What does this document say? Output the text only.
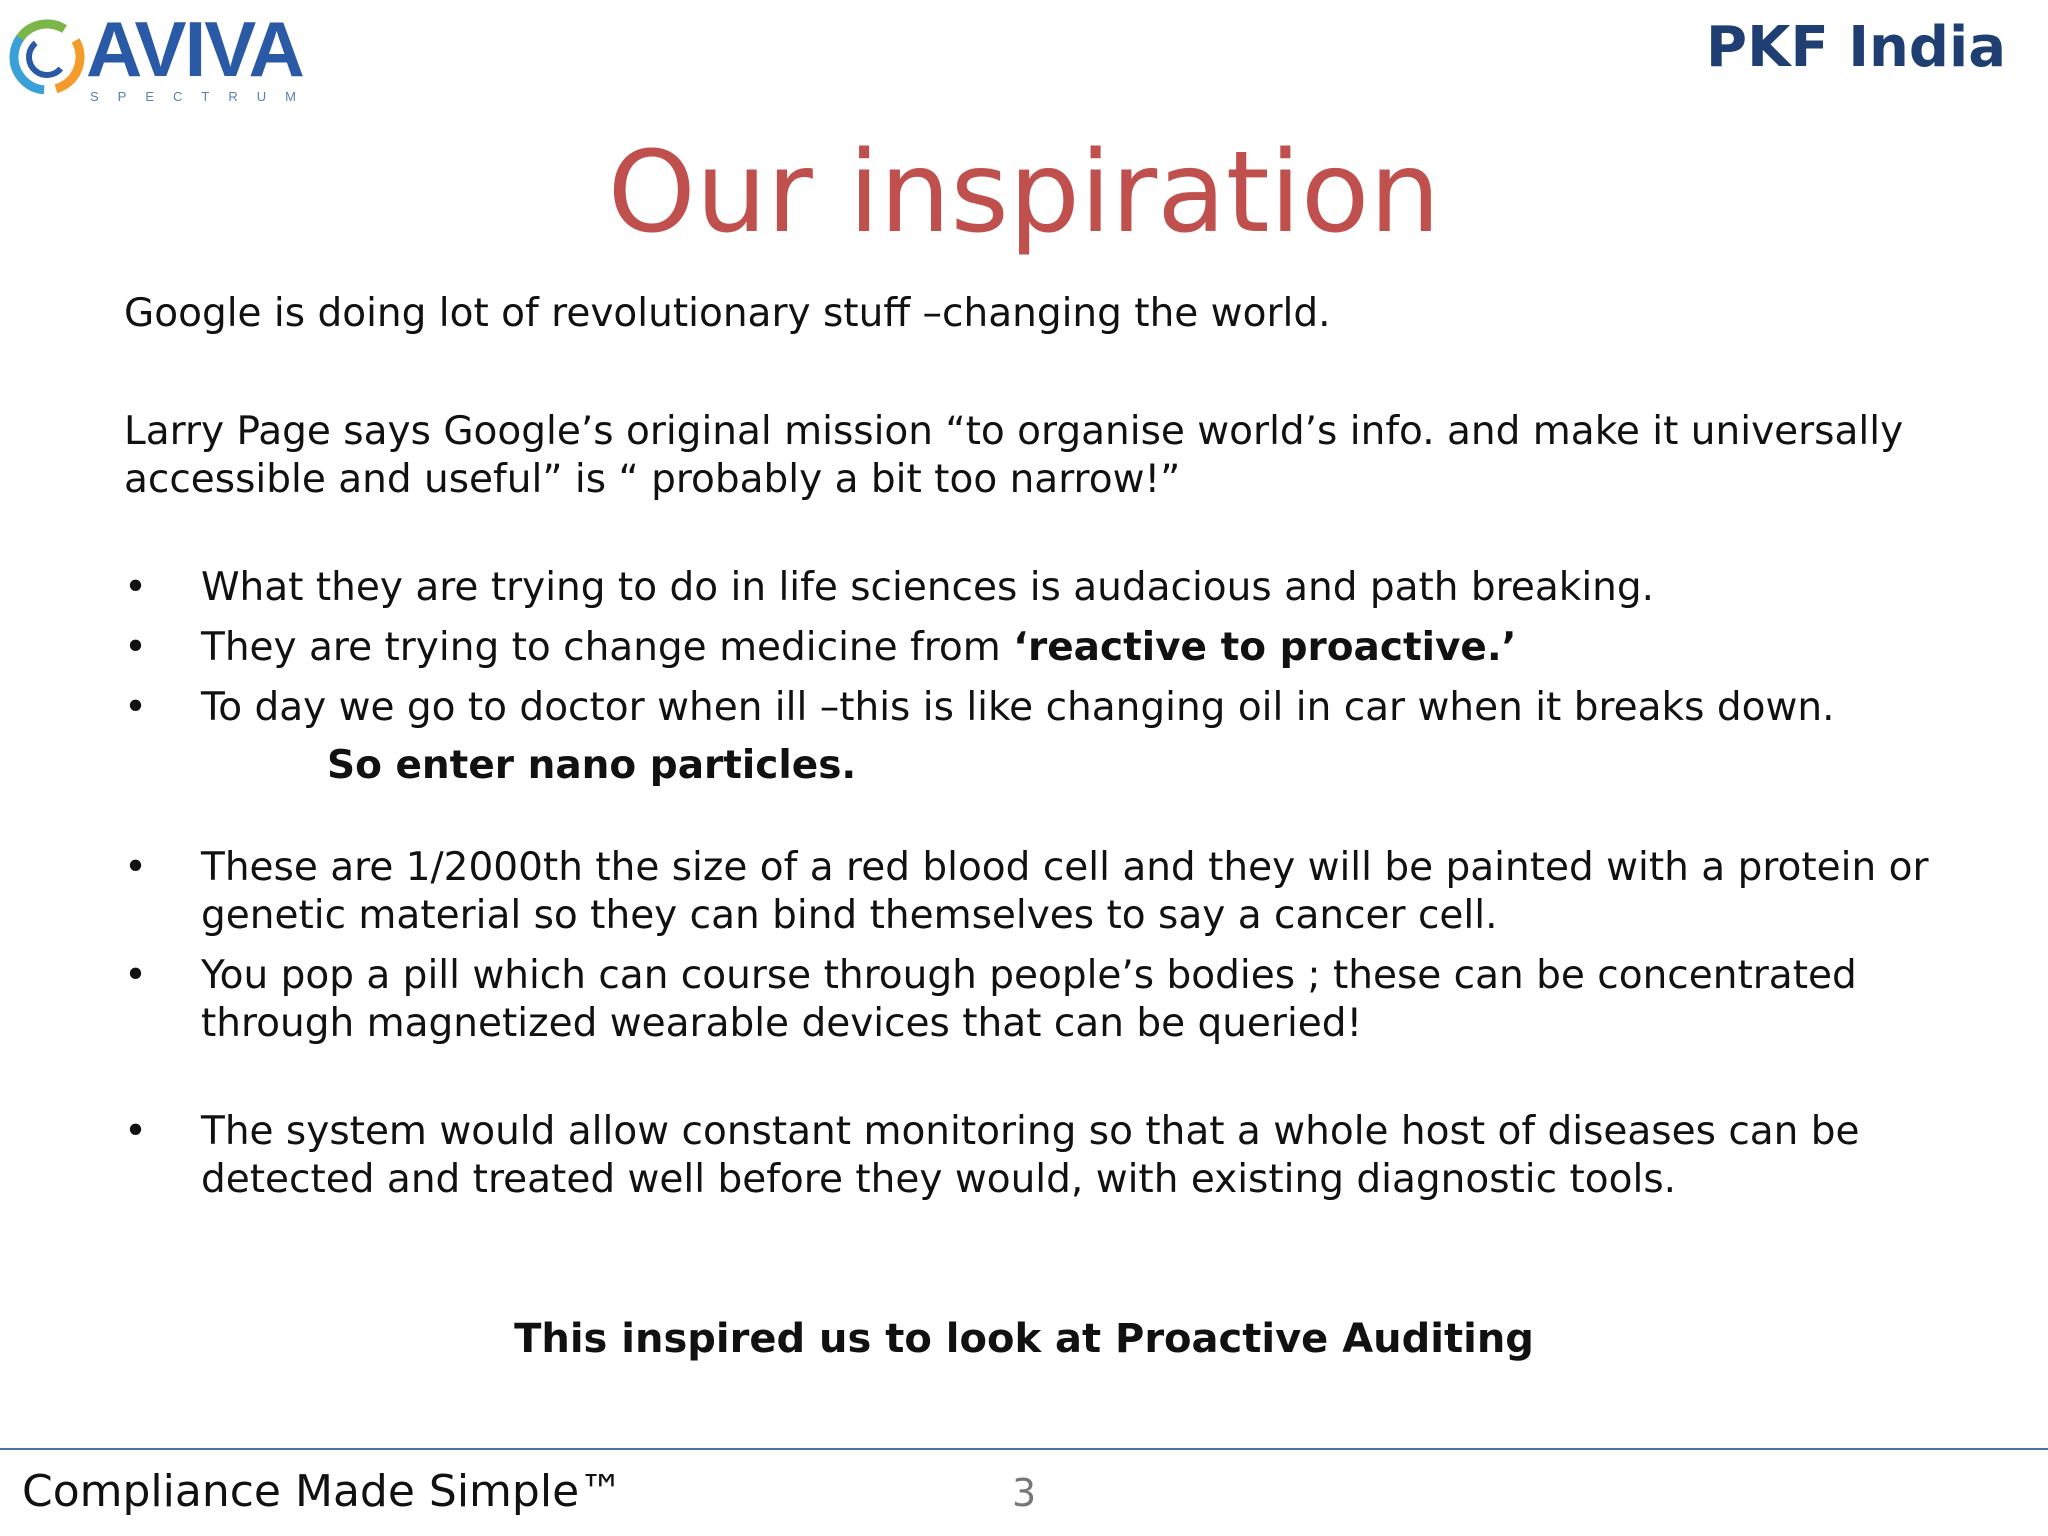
AVIVA
SPECTRUM
PKF India
Our inspiration

Google is doing lot of revolutionary stuff –changing the world.

Larry Page says Google’s original mission “to organise world’s info. and make it universally accessible and useful” is “ probably a bit too narrow!”

• What they are trying to do in life sciences is audacious and path breaking.
• They are trying to change medicine from ‘reactive to proactive.’
• To day we go to doctor when ill –this is like changing oil in car when it breaks down.

So enter nano particles.

• These are 1/2000th the size of a red blood cell and they will be painted with a protein or genetic material so they can bind themselves to say a cancer cell.
• You pop a pill which can course through people’s bodies ; these can be concentrated through magnetized wearable devices that can be queried!
• The system would allow constant monitoring so that a whole host of diseases can be detected and treated well before they would, with existing diagnostic tools.
This inspired us to look at Proactive Auditing
Compliance Made Simple™	3
